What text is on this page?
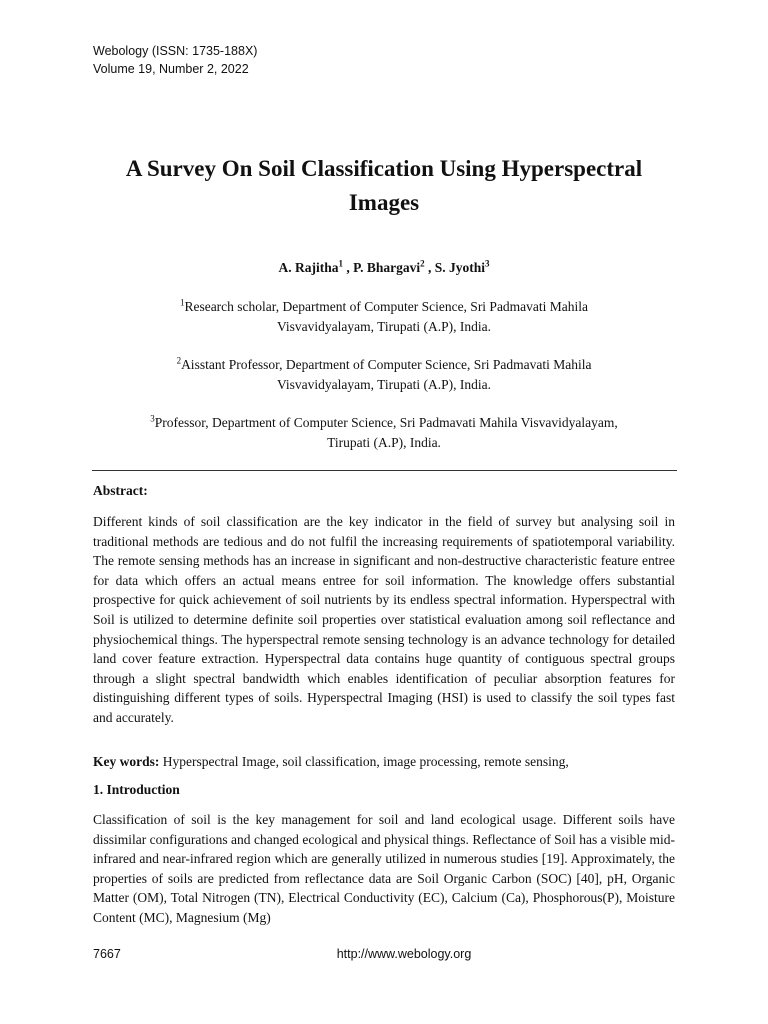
Webology (ISSN: 1735-188X)
Volume 19, Number 2, 2022
A Survey On Soil Classification Using Hyperspectral
Images
A. Rajitha$^1$ , P. Bhargavi$^2$ , S. Jyothi$^3$
$^1$Research scholar, Department of Computer Science, Sri Padmavati Mahila
Visvavidyalayam, Tirupati (A.P), India.
$^2$Aisstant Professor, Department of Computer Science, Sri Padmavati Mahila
Visvavidyalayam, Tirupati (A.P), India.
$^3$Professor, Department of Computer Science, Sri Padmavati Mahila Visvavidyalayam,
Tirupati (A.P), India.
Abstract:

Different kinds of soil classification are the key indicator in the field of survey but analysing soil in traditional methods are tedious and do not fulfil the increasing requirements of spatiotemporal variability. The remote sensing methods has an increase in significant and non-destructive characteristic feature entree for data which offers an actual means entree for soil information. The knowledge offers substantial prospective for quick achievement of soil nutrients by its endless spectral information. Hyperspectral with Soil is utilized to determine definite soil properties over statistical evaluation among soil reflectance and physiochemical things. The hyperspectral remote sensing technology is an advance technology for detailed land cover feature extraction. Hyperspectral data contains huge quantity of contiguous spectral groups through a slight spectral bandwidth which enables identification of peculiar absorption features for distinguishing different types of soils. Hyperspectral Imaging (HSI) is used to classify the soil types fast and accurately.

Key words: Hyperspectral Image, soil classification, image processing, remote sensing,

1. Introduction

Classification of soil is the key management for soil and land ecological usage. Different soils have dissimilar configurations and changed ecological and physical things. Reflectance of Soil has a visible mid-infrared and near-infrared region which are generally utilized in numerous studies [19]. Approximately, the properties of soils are predicted from reflectance data are Soil Organic Carbon (SOC) [40], pH, Organic Matter (OM), Total Nitrogen (TN), Electrical Conductivity (EC), Calcium (Ca), Phosphorous(P), Moisture Content (MC), Magnesium (Mg)

7667	http://www.webology.org
